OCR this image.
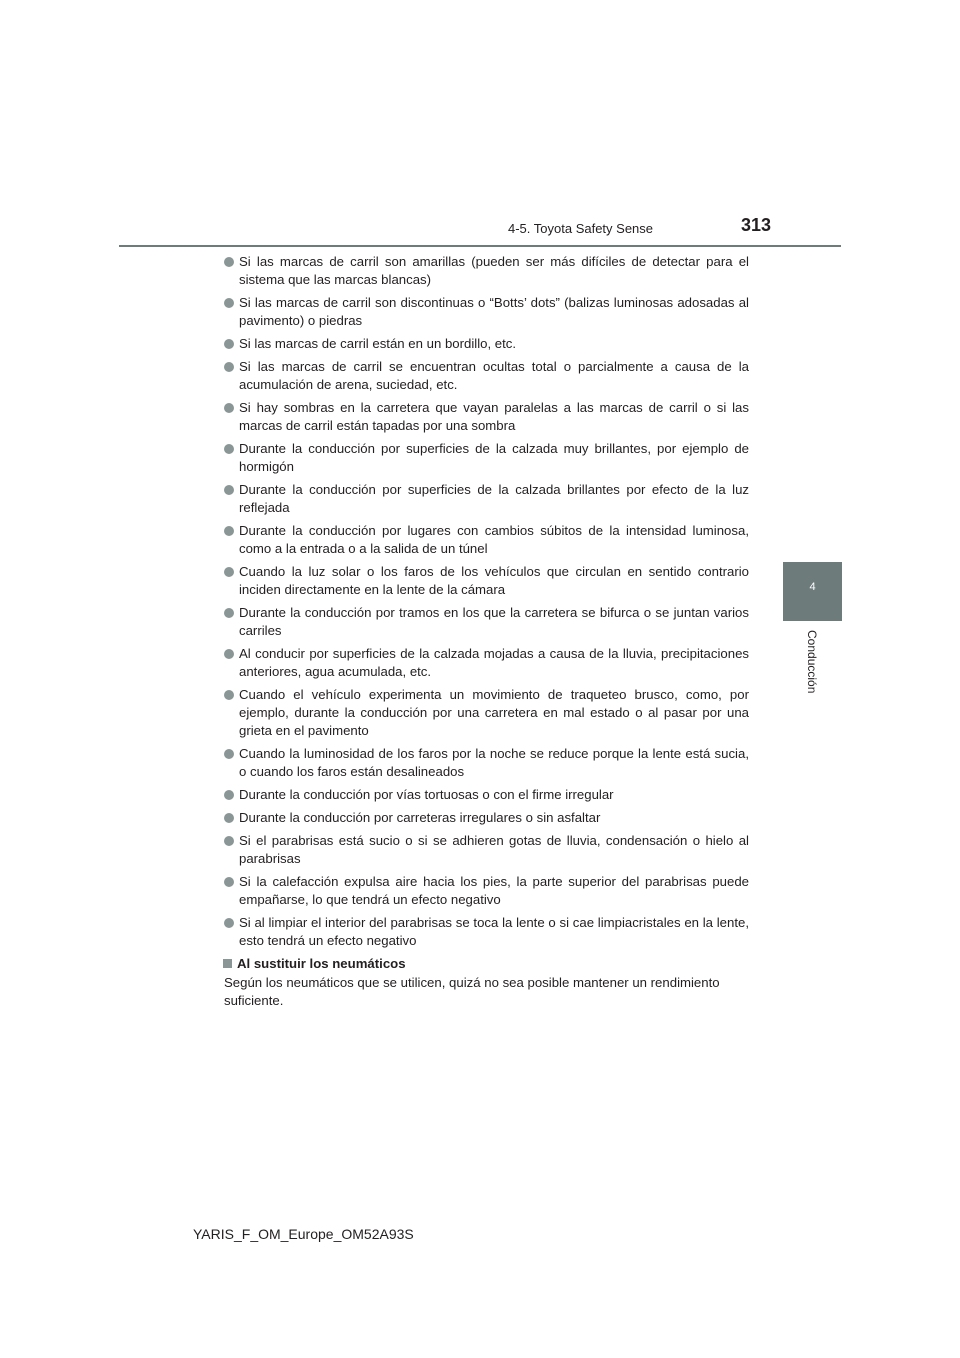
4-5. Toyota Safety Sense	313
4
Conducción
Si las marcas de carril son amarillas (pueden ser más difíciles de detectar para el sistema que las marcas blancas)
Si las marcas de carril son discontinuas o “Botts’ dots” (balizas luminosas adosadas al pavimento) o piedras
Si las marcas de carril están en un bordillo, etc.
Si las marcas de carril se encuentran ocultas total o parcialmente a causa de la acumulación de arena, suciedad, etc.
Si hay sombras en la carretera que vayan paralelas a las marcas de carril o si las marcas de carril están tapadas por una sombra
Durante la conducción por superficies de la calzada muy brillantes, por ejemplo de hormigón
Durante la conducción por superficies de la calzada brillantes por efecto de la luz reflejada
Durante la conducción por lugares con cambios súbitos de la intensidad luminosa, como a la entrada o a la salida de un túnel
Cuando la luz solar o los faros de los vehículos que circulan en sentido contrario inciden directamente en la lente de la cámara
Durante la conducción por tramos en los que la carretera se bifurca o se juntan varios carriles
Al conducir por superficies de la calzada mojadas a causa de la lluvia, precipitaciones anteriores, agua acumulada, etc.
Cuando el vehículo experimenta un movimiento de traqueteo brusco, como, por ejemplo, durante la conducción por una carretera en mal estado o al pasar por una grieta en el pavimento
Cuando la luminosidad de los faros por la noche se reduce porque la lente está sucia, o cuando los faros están desalineados
Durante la conducción por vías tortuosas o con el firme irregular
Durante la conducción por carreteras irregulares o sin asfaltar
Si el parabrisas está sucio o si se adhieren gotas de lluvia, condensación o hielo al parabrisas
Si la calefacción expulsa aire hacia los pies, la parte superior del parabrisas puede empañarse, lo que tendrá un efecto negativo
Si al limpiar el interior del parabrisas se toca la lente o si cae limpiacristales en la lente, esto tendrá un efecto negativo
Al sustituir los neumáticos
Según los neumáticos que se utilicen, quizá no sea posible mantener un rendimiento suficiente.
YARIS_F_OM_Europe_OM52A93S
